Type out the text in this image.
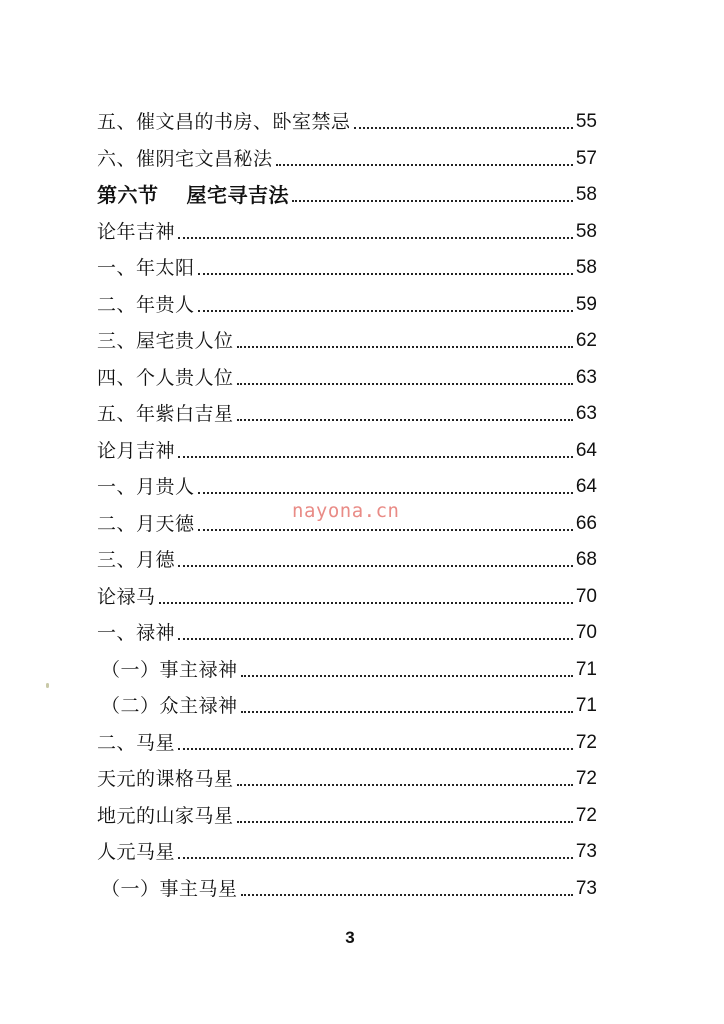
五、催文昌的书房、卧室禁忌	55
六、催阴宅文昌秘法	57
第六节　 屋宅寻吉法	58
论年吉神	58
一、年太阳	58
二、年贵人	59
三、屋宅贵人位	62
四、个人贵人位	63
五、年紫白吉星	63
论月吉神	64
一、月贵人	64
二、月天德	66
三、月德	68
论禄马	70
一、禄神	70
（一）事主禄神	71
（二）众主禄神	71
二、马星	72
天元的课格马星	72
地元的山家马星	72
人元马星	73
（一）事主马星	73
nayona.cn
3
